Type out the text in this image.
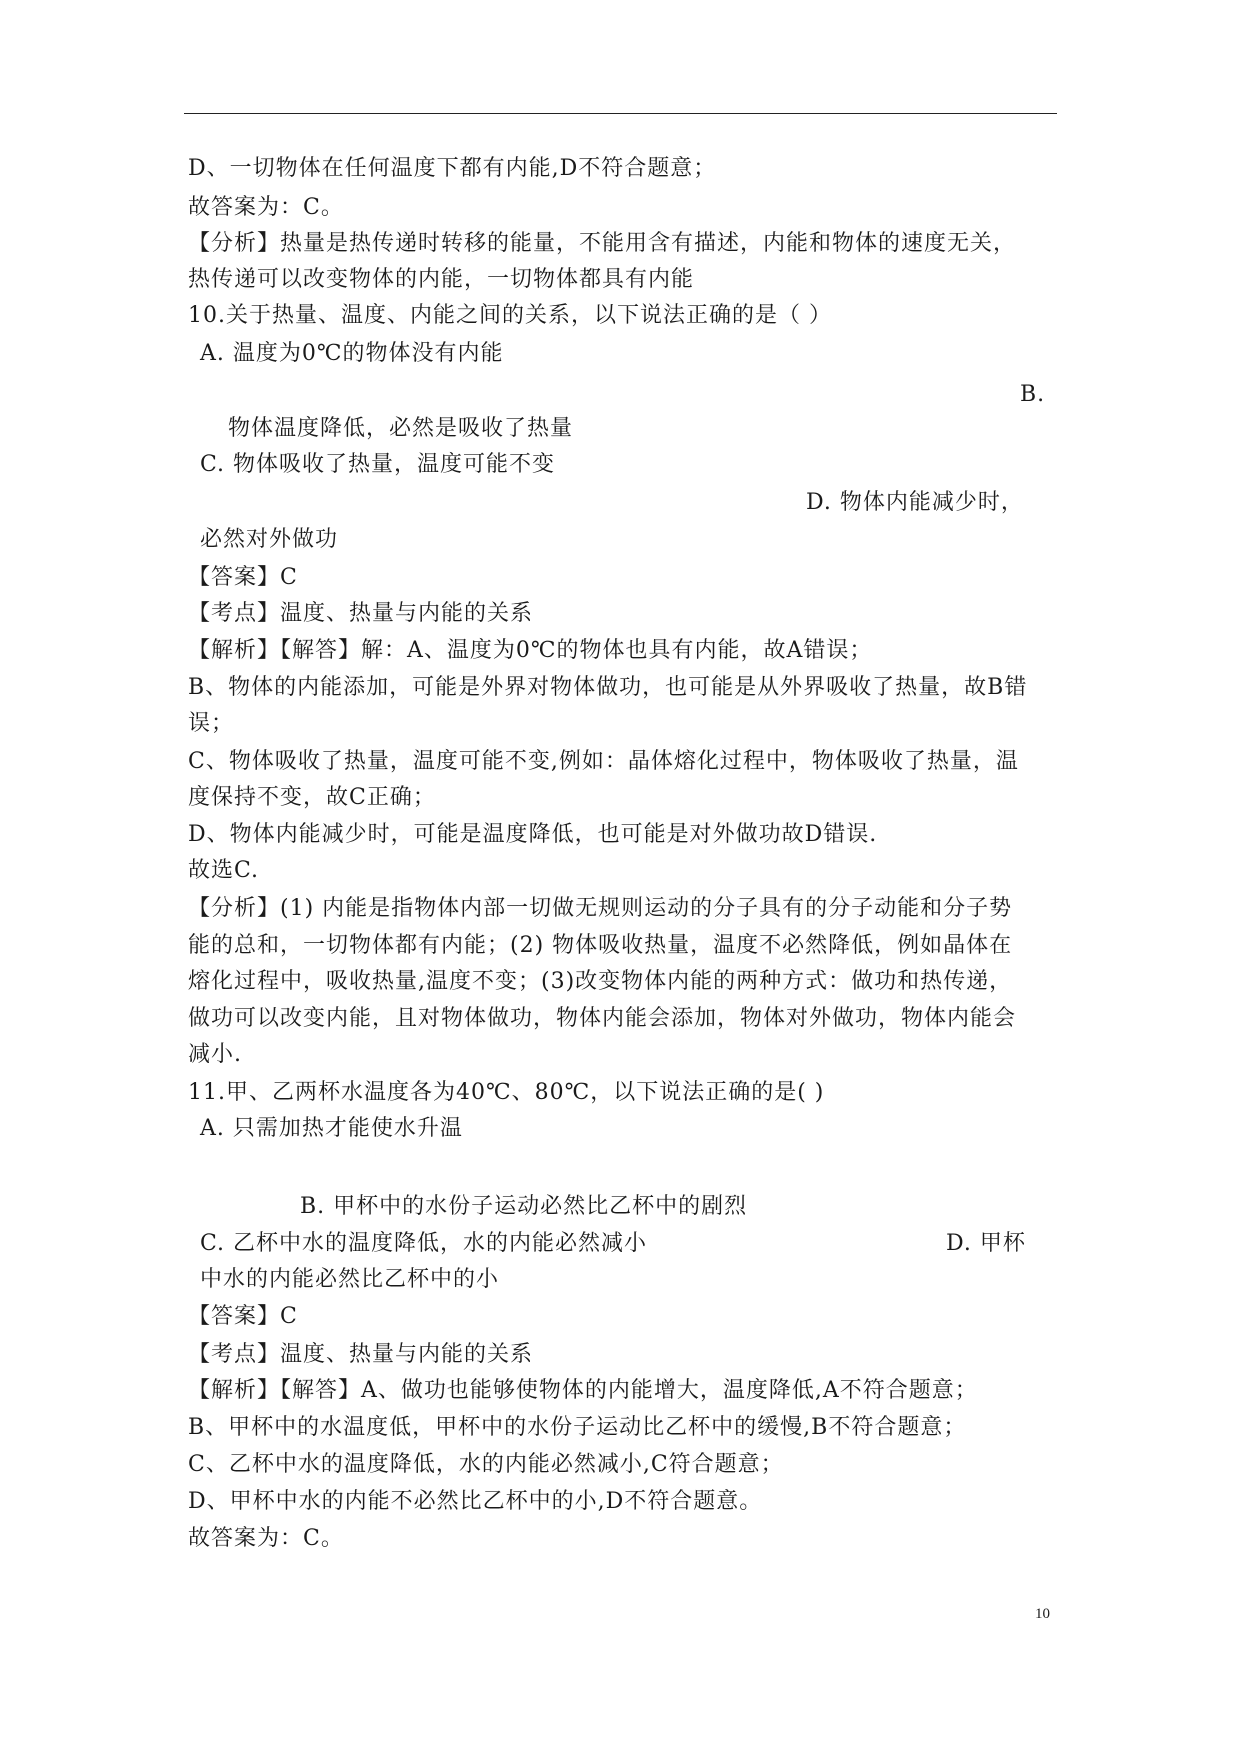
D、一切物体在任何温度下都有内能,D不符合题意；
故答案为：C。
【分析】热量是热传递时转移的能量，不能用含有描述，内能和物体的速度无关，
热传递可以改变物体的内能，一切物体都具有内能
10.关于热量、温度、内能之间的关系，以下说法正确的是（ ）
A. 温度为0℃的物体没有内能
B.
物体温度降低，必然是吸收了热量
C. 物体吸收了热量，温度可能不变
D. 物体内能减少时，
必然对外做功
【答案】C
【考点】温度、热量与内能的关系
【解析】【解答】解：A、温度为0℃的物体也具有内能，故A错误；
B、物体的内能添加，可能是外界对物体做功，也可能是从外界吸收了热量，故B错
误；
C、物体吸收了热量，温度可能不变,例如：晶体熔化过程中，物体吸收了热量，温
度保持不变，故C正确；
D、物体内能减少时，可能是温度降低，也可能是对外做功故D错误.
故选C.
【分析】(1) 内能是指物体内部一切做无规则运动的分子具有的分子动能和分子势
能的总和，一切物体都有内能；(2) 物体吸收热量，温度不必然降低，例如晶体在
熔化过程中，吸收热量,温度不变；(3)改变物体内能的两种方式：做功和热传递，
做功可以改变内能，且对物体做功，物体内能会添加，物体对外做功，物体内能会
减小.
11.甲、乙两杯水温度各为40℃、80℃，以下说法正确的是( )
A. 只需加热才能使水升温
B. 甲杯中的水份子运动必然比乙杯中的剧烈
C. 乙杯中水的温度降低，水的内能必然减小	D. 甲杯
中水的内能必然比乙杯中的小
【答案】C
【考点】温度、热量与内能的关系
【解析】【解答】A、做功也能够使物体的内能增大，温度降低,A不符合题意；
B、甲杯中的水温度低，甲杯中的水份子运动比乙杯中的缓慢,B不符合题意；
C、乙杯中水的温度降低，水的内能必然减小,C符合题意；
D、甲杯中水的内能不必然比乙杯中的小,D不符合题意。
故答案为：C。
10
